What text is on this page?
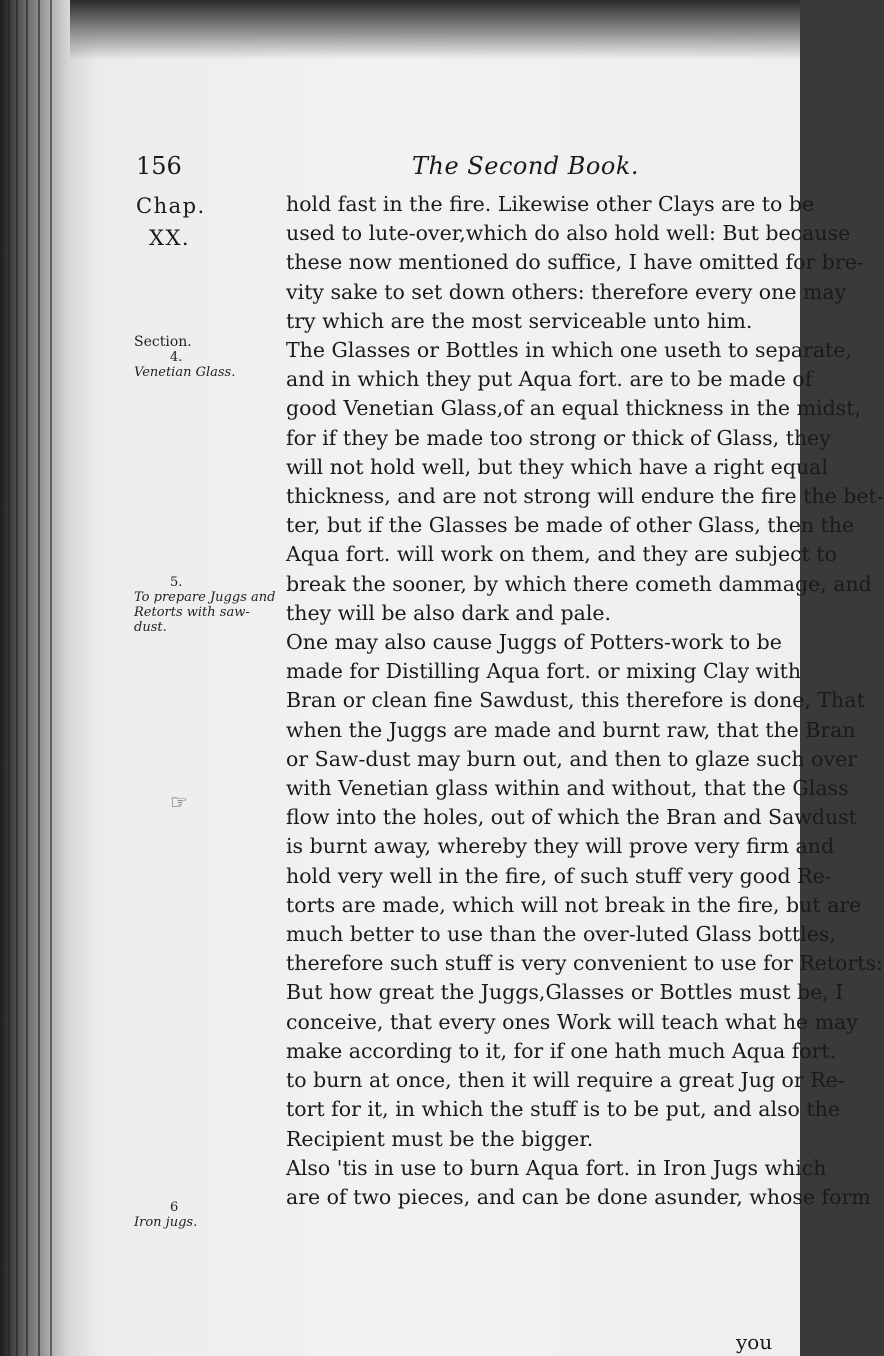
156	The Second Book.
Chap.
XX.
Section.
4.
Venetian Glass.
5.
To prepare Juggs and Retorts with saw-dust.
☞
6
Iron jugs.
hold fast in the fire. Likewise other Clays are to be
used to lute-over,which do also hold well: But because
these now mentioned do suffice, I have omitted for bre-
vity sake to set down others: therefore every one may
try which are the most serviceable unto him.
The Glasses or Bottles in which one useth to separate,
and in which they put Aqua fort. are to be made of
good Venetian Glass,of an equal thickness in the midst,
for if they be made too strong or thick of Glass, they
will not hold well, but they which have a right equal
thickness, and are not strong will endure the fire the bet-
ter, but if the Glasses be made of other Glass, then the
Aqua fort. will work on them, and they are subject to
break the sooner, by which there cometh dammage, and
they will be also dark and pale.
One may also cause Juggs of Potters-work to be
made for Distilling Aqua fort. or mixing Clay with
Bran or clean fine Sawdust, this therefore is done, That
when the Juggs are made and burnt raw, that the Bran
or Saw-dust may burn out, and then to glaze such over
with Venetian glass within and without, that the Glass
flow into the holes, out of which the Bran and Sawdust
is burnt away, whereby they will prove very firm and
hold very well in the fire, of such stuff very good Re-
torts are made, which will not break in the fire, but are
much better to use than the over-luted Glass bottles,
therefore such stuff is very convenient to use for Retorts:
But how great the Juggs,Glasses or Bottles must be, I
conceive, that every ones Work will teach what he may
make according to it, for if one hath much Aqua fort.
to burn at once, then it will require a great Jug or Re-
tort for it, in which the stuff is to be put, and also the
Recipient must be the bigger.
Also 'tis in use to burn Aqua fort. in Iron Jugs which
are of two pieces, and can be done asunder, whose form
you
